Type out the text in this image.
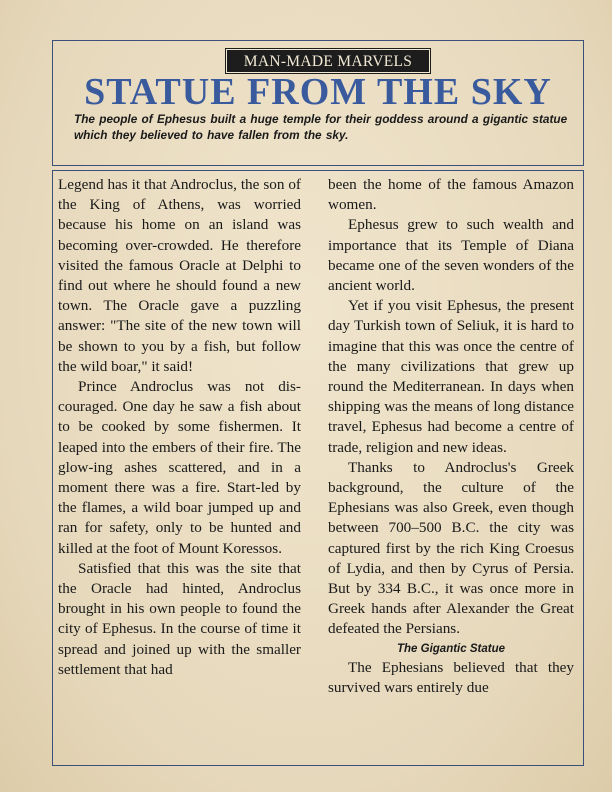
MAN-MADE MARVELS
STATUE FROM THE SKY
The people of Ephesus built a huge temple for their goddess around a gigantic statue which they believed to have fallen from the sky.

Legend has it that Androclus, the son of the King of Athens, was worried because his home on an island was becoming over-crowded. He therefore visited the famous Oracle at Delphi to find out where he should found a new town. The Oracle gave a puzzling answer: "The site of the new town will be shown to you by a fish, but follow the wild boar," it said!

Prince Androclus was not dis-couraged. One day he saw a fish about to be cooked by some fishermen. It leaped into the embers of their fire. The glow-ing ashes scattered, and in a moment there was a fire. Start-led by the flames, a wild boar jumped up and ran for safety, only to be hunted and killed at the foot of Mount Koressos.

Satisfied that this was the site that the Oracle had hinted, Androclus brought in his own people to found the city of Ephesus. In the course of time it spread and joined up with the smaller settlement that had

been the home of the famous Amazon women.

Ephesus grew to such wealth and importance that its Temple of Diana became one of the seven wonders of the ancient world.

Yet if you visit Ephesus, the present day Turkish town of Seliuk, it is hard to imagine that this was once the centre of the many civilizations that grew up round the Mediterranean. In days when shipping was the means of long distance travel, Ephesus had become a centre of trade, religion and new ideas.

Thanks to Androclus's Greek background, the culture of the Ephesians was also Greek, even though between 700–500 B.C. the city was captured first by the rich King Croesus of Lydia, and then by Cyrus of Persia. But by 334 B.C., it was once more in Greek hands after Alexander the Great defeated the Persians.

The Gigantic Statue

The Ephesians believed that they survived wars entirely due
